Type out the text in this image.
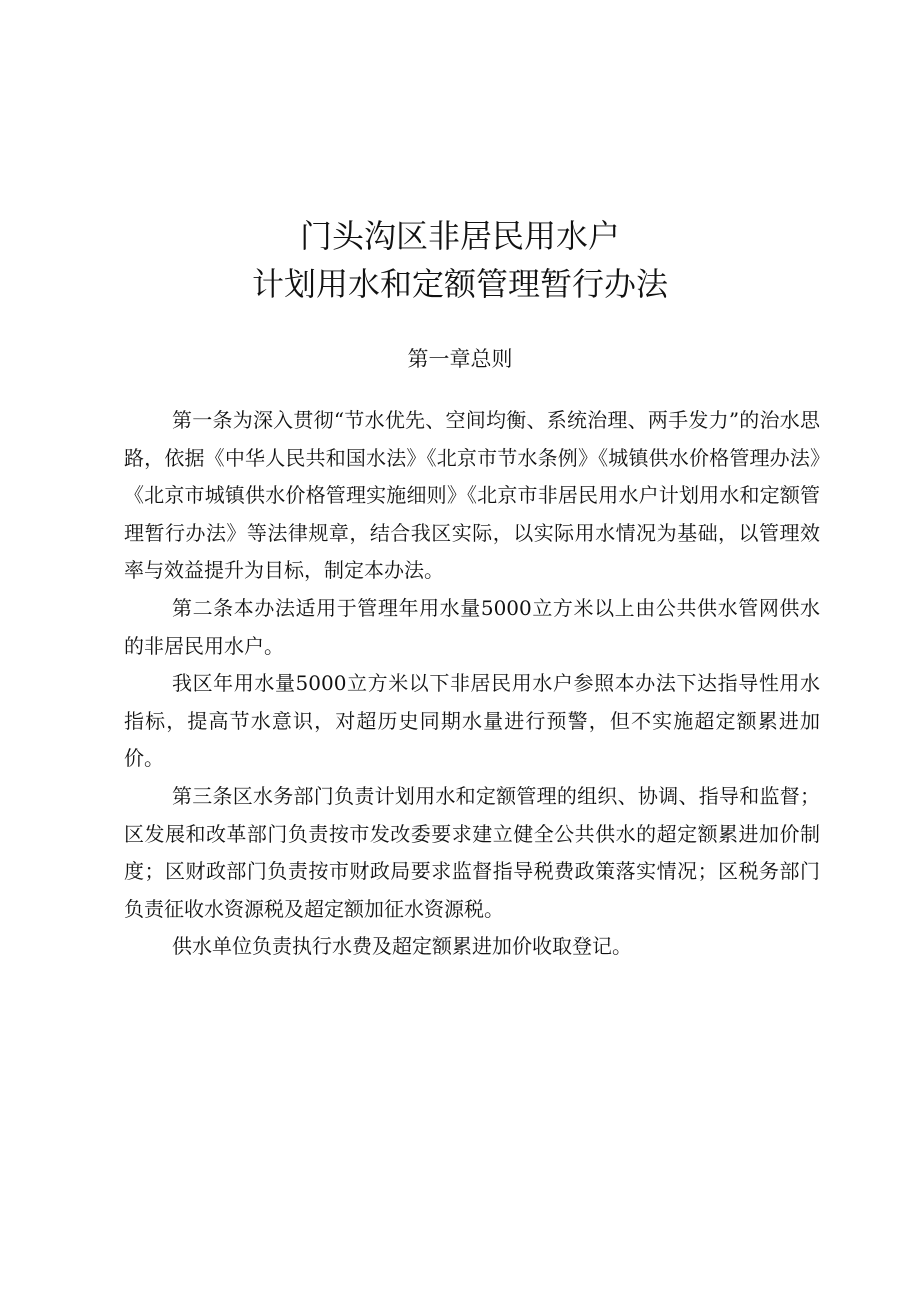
门头沟区非居民用水户
计划用水和定额管理暂行办法
第一章总则

第一条为深入贯彻“节水优先、空间均衡、系统治理、两手发力”的治水思路，依据《中华人民共和国水法》《北京市节水条例》《城镇供水价格管理办法》《北京市城镇供水价格管理实施细则》《北京市非居民用水户计划用水和定额管理暂行办法》等法律规章，结合我区实际，以实际用水情况为基础，以管理效率与效益提升为目标，制定本办法。

第二条本办法适用于管理年用水量5000立方米以上由公共供水管网供水的非居民用水户。

我区年用水量5000立方米以下非居民用水户参照本办法下达指导性用水指标，提高节水意识，对超历史同期水量进行预警，但不实施超定额累进加价。

第三条区水务部门负责计划用水和定额管理的组织、协调、指导和监督；区发展和改革部门负责按市发改委要求建立健全公共供水的超定额累进加价制度；区财政部门负责按市财政局要求监督指导税费政策落实情况；区税务部门负责征收水资源税及超定额加征水资源税。

供水单位负责执行水费及超定额累进加价收取登记。
